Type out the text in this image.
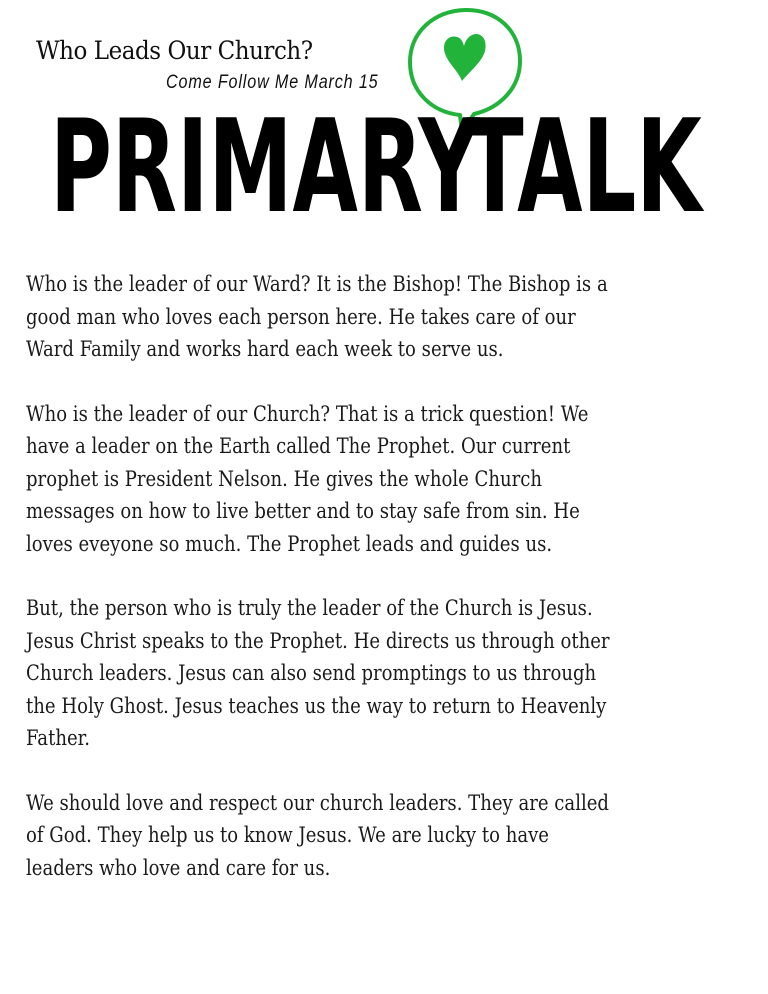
Who Leads Our Church?
Come Follow Me March 15
PRIMARY
TALK
Who is the leader of our Ward? It is the Bishop! The Bishop is a
good man who loves each person here. He takes care of our
Ward Family and works hard each week to serve us.
Who is the leader of our Church? That is a trick question! We
have a leader on the Earth called The Prophet. Our current
prophet is President Nelson. He gives the whole Church
messages on how to live better and to stay safe from sin. He
loves eveyone so much. The Prophet leads and guides us.
But, the person who is truly the leader of the Church is Jesus.
Jesus Christ speaks to the Prophet. He directs us through other
Church leaders. Jesus can also send promptings to us through
the Holy Ghost. Jesus teaches us the way to return to Heavenly
Father.
We should love and respect our church leaders. They are called
of God. They help us to know Jesus. We are lucky to have
leaders who love and care for us.
